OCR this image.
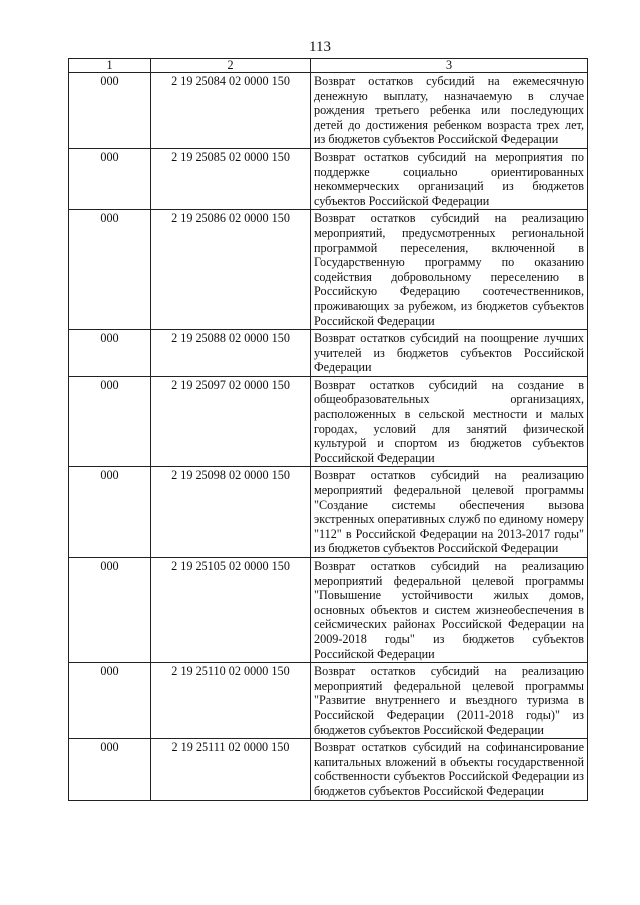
113
1	2	3
000	2 19 25084 02 0000 150	Возврат остатков субсидий на ежемесячную денежную выплату, назначаемую в случае рождения третьего ребенка или последующих детей до достижения ребенком возраста трех лет, из бюджетов субъектов Российской Федерации
000	2 19 25085 02 0000 150	Возврат остатков субсидий на мероприятия по поддержке социально ориентированных некоммерческих организаций из бюджетов субъектов Российской Федерации
000	2 19 25086 02 0000 150	Возврат остатков субсидий на реализацию мероприятий, предусмотренных региональной программой переселения, включенной в Государственную программу по оказанию содействия добровольному переселению в Российскую Федерацию соотечественников, проживающих за рубежом, из бюджетов субъектов Российской Федерации
000	2 19 25088 02 0000 150	Возврат остатков субсидий на поощрение лучших учителей из бюджетов субъектов Российской Федерации
000	2 19 25097 02 0000 150	Возврат остатков субсидий на создание в общеобразовательных организациях, расположенных в сельской местности и малых городах, условий для занятий физической культурой и спортом из бюджетов субъектов Российской Федерации
000	2 19 25098 02 0000 150	Возврат остатков субсидий на реализацию мероприятий федеральной целевой программы "Создание системы обеспечения вызова экстренных оперативных служб по единому номеру "112" в Российской Федерации на 2013-2017 годы" из бюджетов субъектов Российской Федерации
000	2 19 25105 02 0000 150	Возврат остатков субсидий на реализацию мероприятий федеральной целевой программы "Повышение устойчивости жилых домов, основных объектов и систем жизнеобеспечения в сейсмических районах Российской Федерации на 2009-2018 годы" из бюджетов субъектов Российской Федерации
000	2 19 25110 02 0000 150	Возврат остатков субсидий на реализацию мероприятий федеральной целевой программы "Развитие внутреннего и въездного туризма в Российской Федерации (2011-2018 годы)" из бюджетов субъектов Российской Федерации
000	2 19 25111 02 0000 150	Возврат остатков субсидий на софинансирование капитальных вложений в объекты государственной собственности субъектов Российской Федерации из бюджетов субъектов Российской Федерации
